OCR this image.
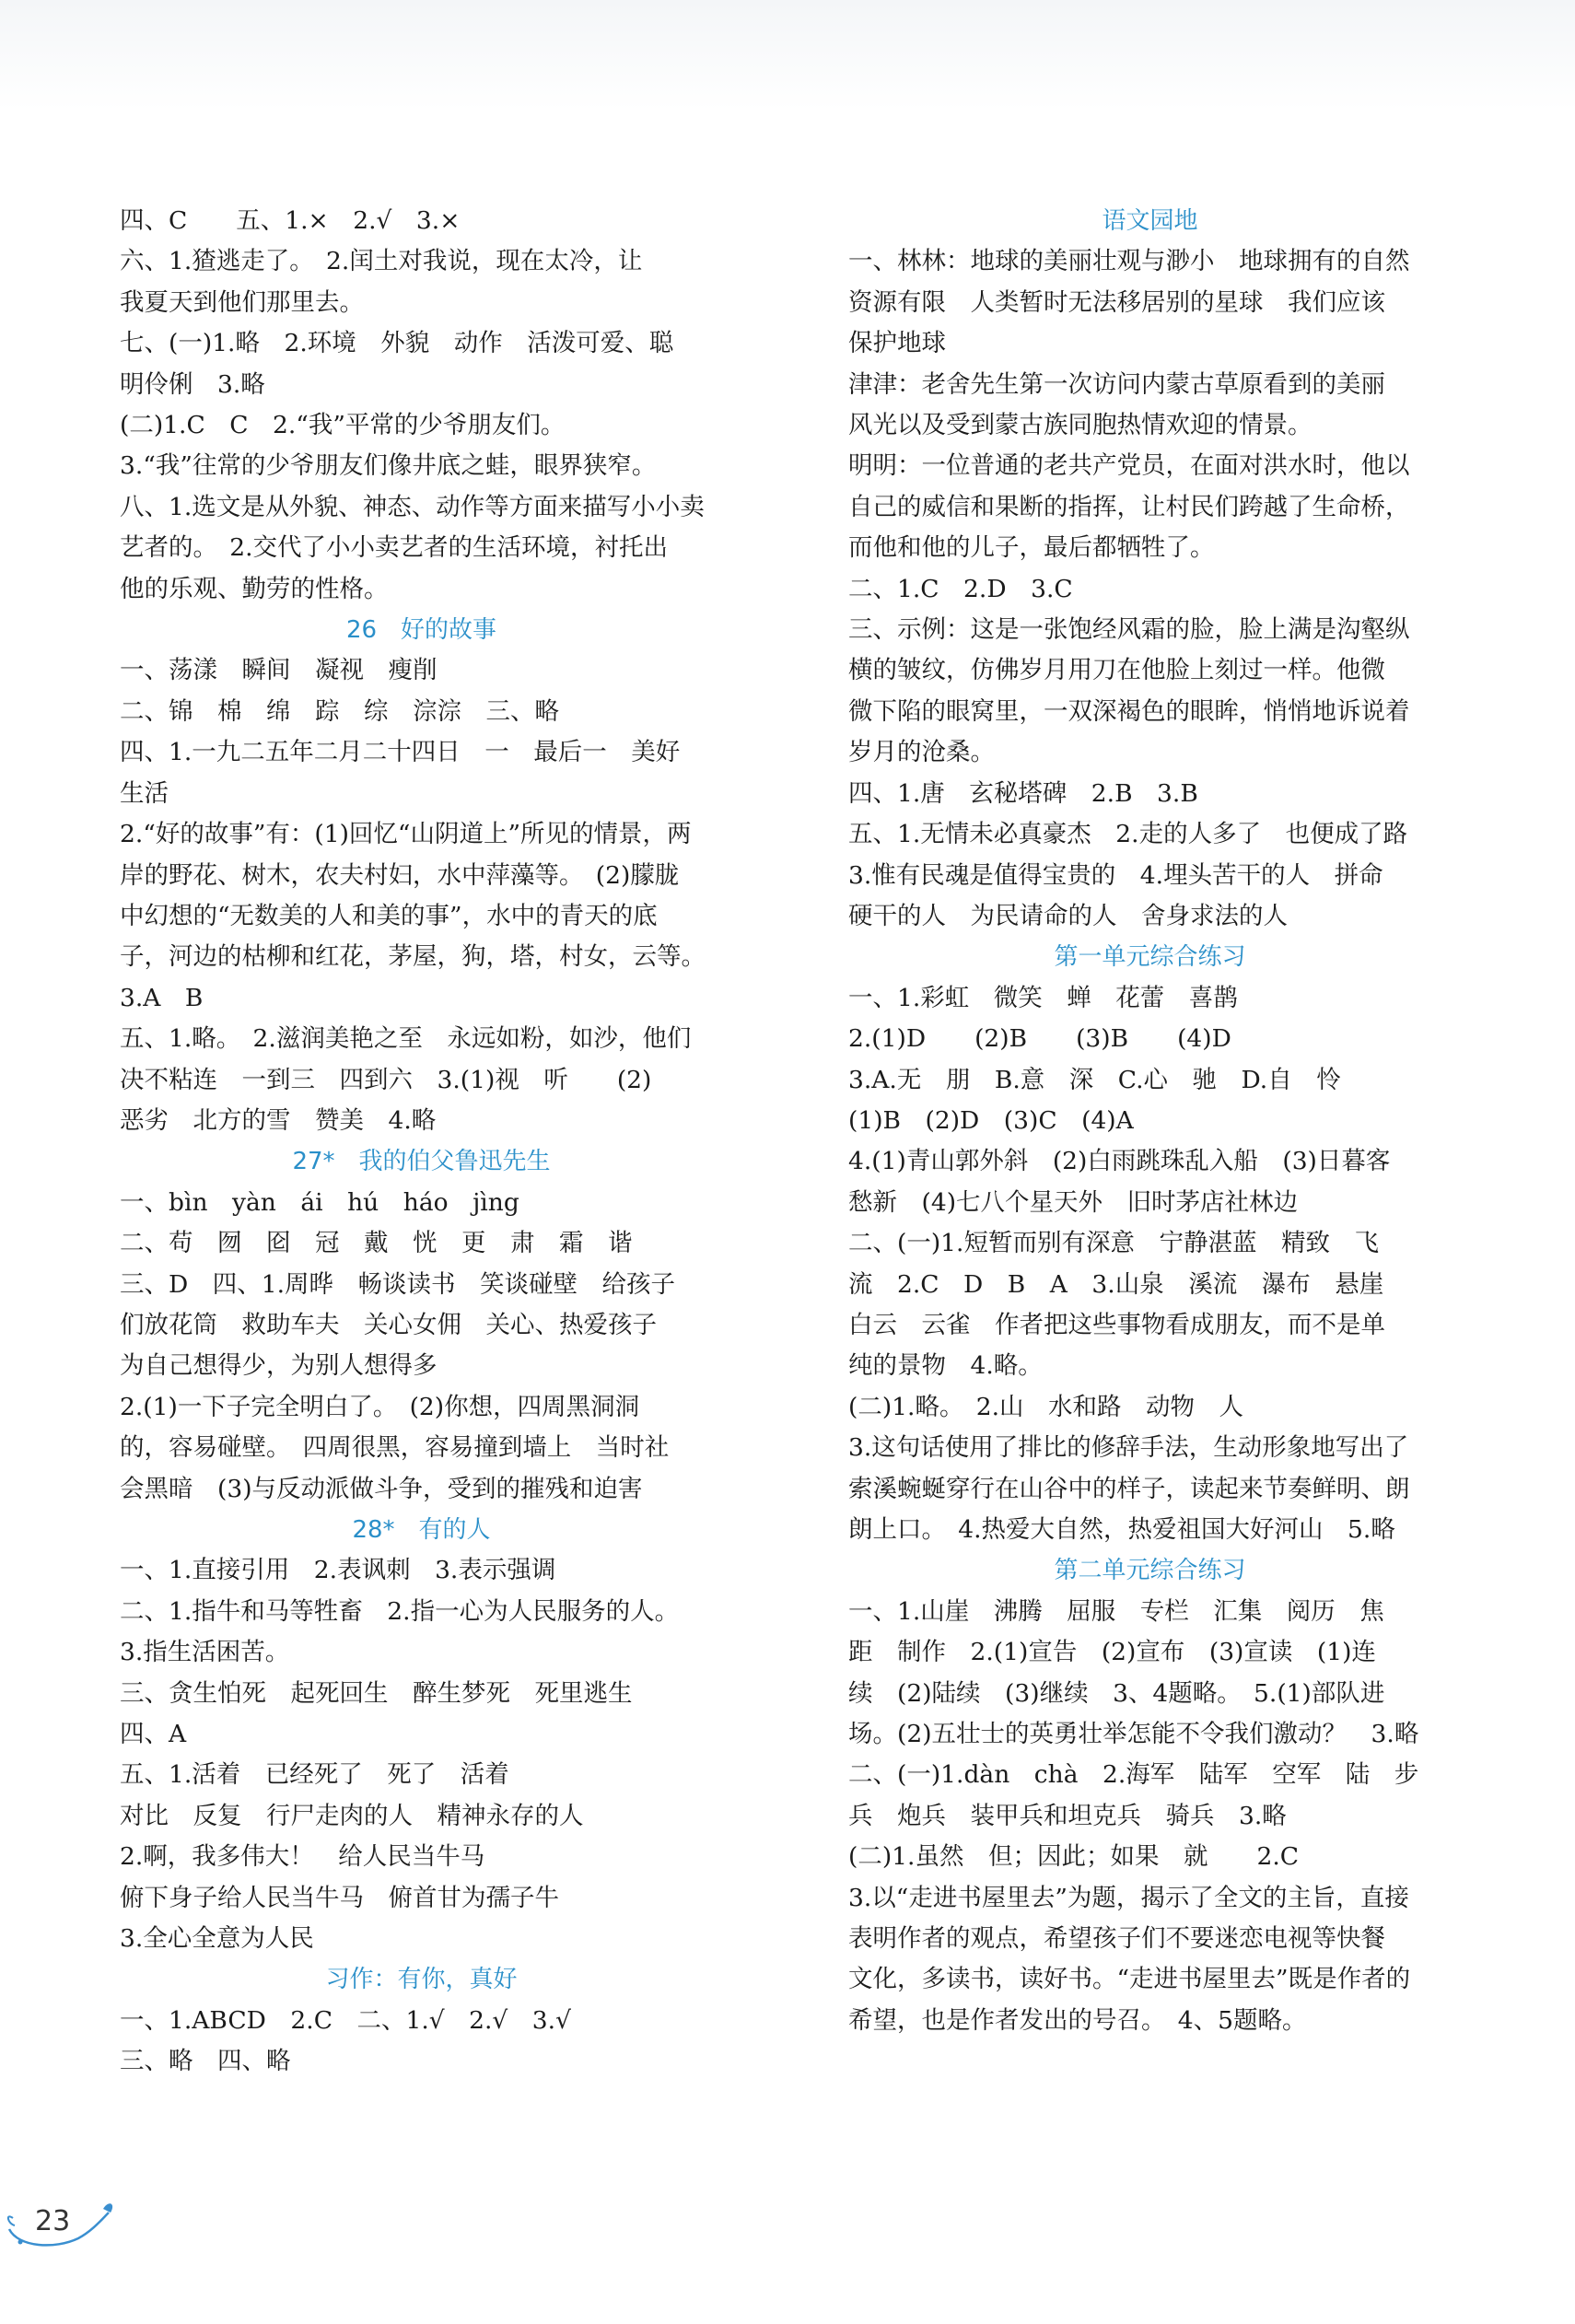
四、C　　五、1.×　2.√　3.×
六、1.猹逃走了。　2.闰土对我说，现在太冷，让
我夏天到他们那里去。
七、(一)1.略　2.环境　外貌　动作　活泼可爱、聪
明伶俐　3.略
(二)1.C　C　2.“我”平常的少爷朋友们。
3.“我”往常的少爷朋友们像井底之蛙，眼界狭窄。
八、1.选文是从外貌、神态、动作等方面来描写小小卖
艺者的。　2.交代了小小卖艺者的生活环境，衬托出
他的乐观、勤劳的性格。
26　好的故事
一、荡漾　瞬间　凝视　瘦削
二、锦　棉　绵　踪　综　淙淙　三、略
四、1.一九二五年二月二十四日　一　最后一　美好
生活
2.“好的故事”有：(1)回忆“山阴道上”所见的情景，两
岸的野花、树木，农夫村妇，水中萍藻等。　(2)朦胧
中幻想的“无数美的人和美的事”，水中的青天的底
子，河边的枯柳和红花，茅屋，狗，塔，村女，云等。
3.A　B
五、1.略。　2.滋润美艳之至　永远如粉，如沙，他们
决不粘连　一到三　四到六　3.(1)视　听　　(2)
恶劣　北方的雪　赞美　4.略
27*　我的伯父鲁迅先生
一、bìn　yàn　ái　hú　háo　jìng
二、苟　囫　囵　冠　戴　恍　更　肃　霜　谐
三、D　四、1.周晔　畅谈读书　笑谈碰壁　给孩子
们放花筒　救助车夫　关心女佣　关心、热爱孩子
为自己想得少，为别人想得多
2.(1)一下子完全明白了。　(2)你想，四周黑洞洞
的，容易碰壁。　四周很黑，容易撞到墙上　当时社
会黑暗　(3)与反动派做斗争，受到的摧残和迫害
28*　有的人
一、1.直接引用　2.表讽刺　3.表示强调
二、1.指牛和马等牲畜　2.指一心为人民服务的人。
3.指生活困苦。
三、贪生怕死　起死回生　醉生梦死　死里逃生
四、A
五、1.活着　已经死了　死了　活着
对比　反复　行尸走肉的人　精神永存的人
2.啊，我多伟大！　给人民当牛马
俯下身子给人民当牛马　俯首甘为孺子牛
3.全心全意为人民
习作：有你，真好
一、1.ABCD　2.C　二、1.√　2.√　3.√
三、略　四、略
语文园地
一、林林：地球的美丽壮观与渺小　地球拥有的自然
资源有限　人类暂时无法移居别的星球　我们应该
保护地球
津津：老舍先生第一次访问内蒙古草原看到的美丽
风光以及受到蒙古族同胞热情欢迎的情景。
明明：一位普通的老共产党员，在面对洪水时，他以
自己的威信和果断的指挥，让村民们跨越了生命桥，
而他和他的儿子，最后都牺牲了。
二、1.C　2.D　3.C
三、示例：这是一张饱经风霜的脸，脸上满是沟壑纵
横的皱纹，仿佛岁月用刀在他脸上刻过一样。他微
微下陷的眼窝里，一双深褐色的眼眸，悄悄地诉说着
岁月的沧桑。
四、1.唐　玄秘塔碑　2.B　3.B
五、1.无情未必真豪杰　2.走的人多了　也便成了路
3.惟有民魂是值得宝贵的　4.埋头苦干的人　拼命
硬干的人　为民请命的人　舍身求法的人
第一单元综合练习
一、1.彩虹　微笑　蝉　花蕾　喜鹊
2.(1)D　　(2)B　　(3)B　　(4)D
3.A.无　朋　B.意　深　C.心　驰　D.自　怜
(1)B　(2)D　(3)C　(4)A
4.(1)青山郭外斜　(2)白雨跳珠乱入船　(3)日暮客
愁新　(4)七八个星天外　旧时茅店社林边
二、(一)1.短暂而别有深意　宁静湛蓝　精致　飞
流　2.C　D　B　A　3.山泉　溪流　瀑布　悬崖
白云　云雀　作者把这些事物看成朋友，而不是单
纯的景物　4.略。
(二)1.略。　2.山　水和路　动物　人
3.这句话使用了排比的修辞手法，生动形象地写出了
索溪蜿蜒穿行在山谷中的样子，读起来节奏鲜明、朗
朗上口。　4.热爱大自然，热爱祖国大好河山　5.略
第二单元综合练习
一、1.山崖　沸腾　屈服　专栏　汇集　阅历　焦
距　制作　2.(1)宣告　(2)宣布　(3)宣读　(1)连
续　(2)陆续　(3)继续　3、4题略。　5.(1)部队进
场。(2)五壮士的英勇壮举怎能不令我们激动？　3.略
二、(一)1.dàn　chà　2.海军　陆军　空军　陆　步
兵　炮兵　装甲兵和坦克兵　骑兵　3.略
(二)1.虽然　但；因此；如果　就　　2.C
3.以“走进书屋里去”为题，揭示了全文的主旨，直接
表明作者的观点，希望孩子们不要迷恋电视等快餐
文化，多读书，读好书。“走进书屋里去”既是作者的
希望，也是作者发出的号召。　4、5题略。
23
